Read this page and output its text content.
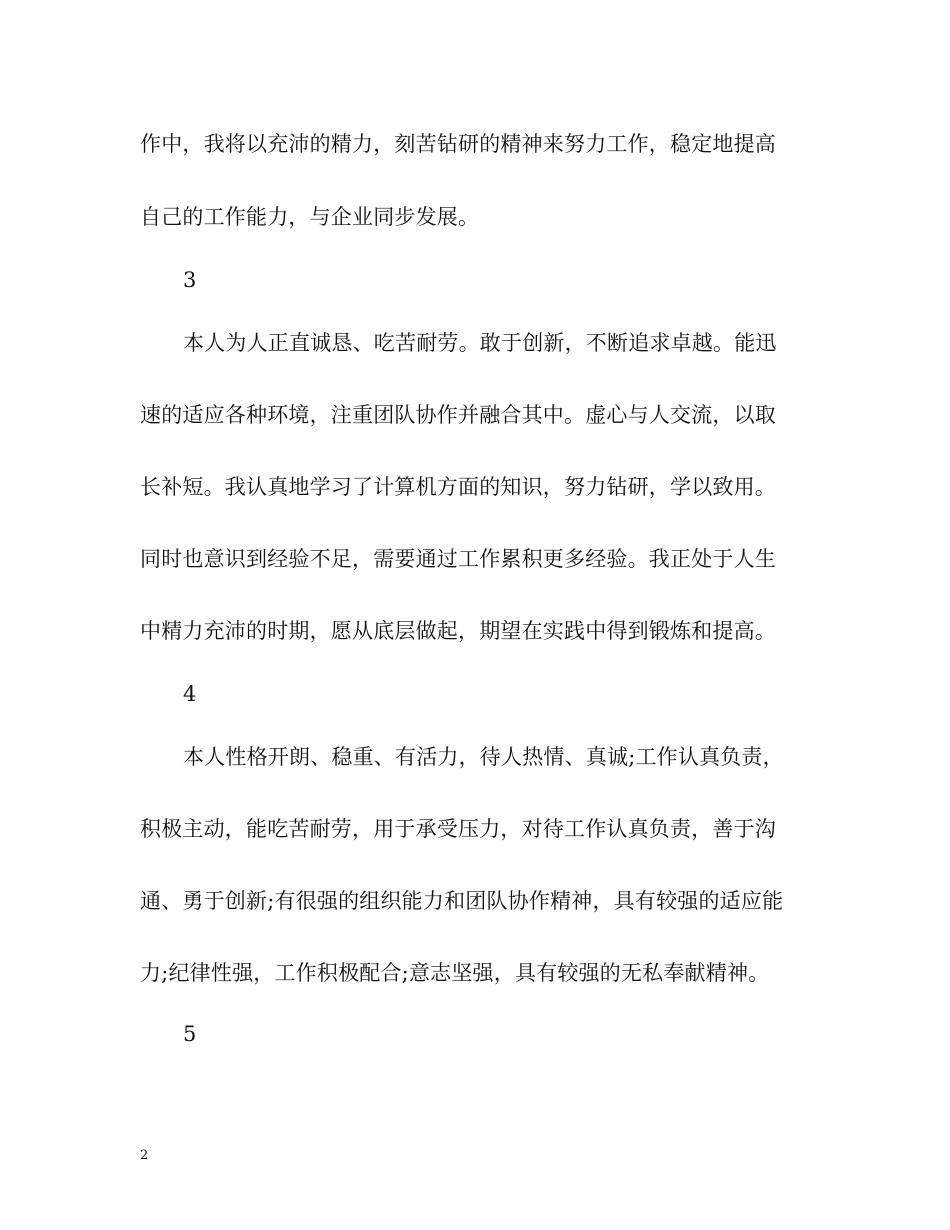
作中，我将以充沛的精力，刻苦钻研的精神来努力工作，稳定地提高
自己的工作能力，与企业同步发展。
3
本人为人正直诚恳、吃苦耐劳。敢于创新，不断追求卓越。能迅
速的适应各种环境，注重团队协作并融合其中。虚心与人交流，以取
长补短。我认真地学习了计算机方面的知识，努力钻研，学以致用。
同时也意识到经验不足，需要通过工作累积更多经验。我正处于人生
中精力充沛的时期，愿从底层做起，期望在实践中得到锻炼和提高。
4
本人性格开朗、稳重、有活力，待人热情、真诚;工作认真负责，
积极主动，能吃苦耐劳，用于承受压力，对待工作认真负责，善于沟
通、勇于创新;有很强的组织能力和团队协作精神，具有较强的适应能
力;纪律性强，工作积极配合;意志坚强，具有较强的无私奉献精神。
5
2
